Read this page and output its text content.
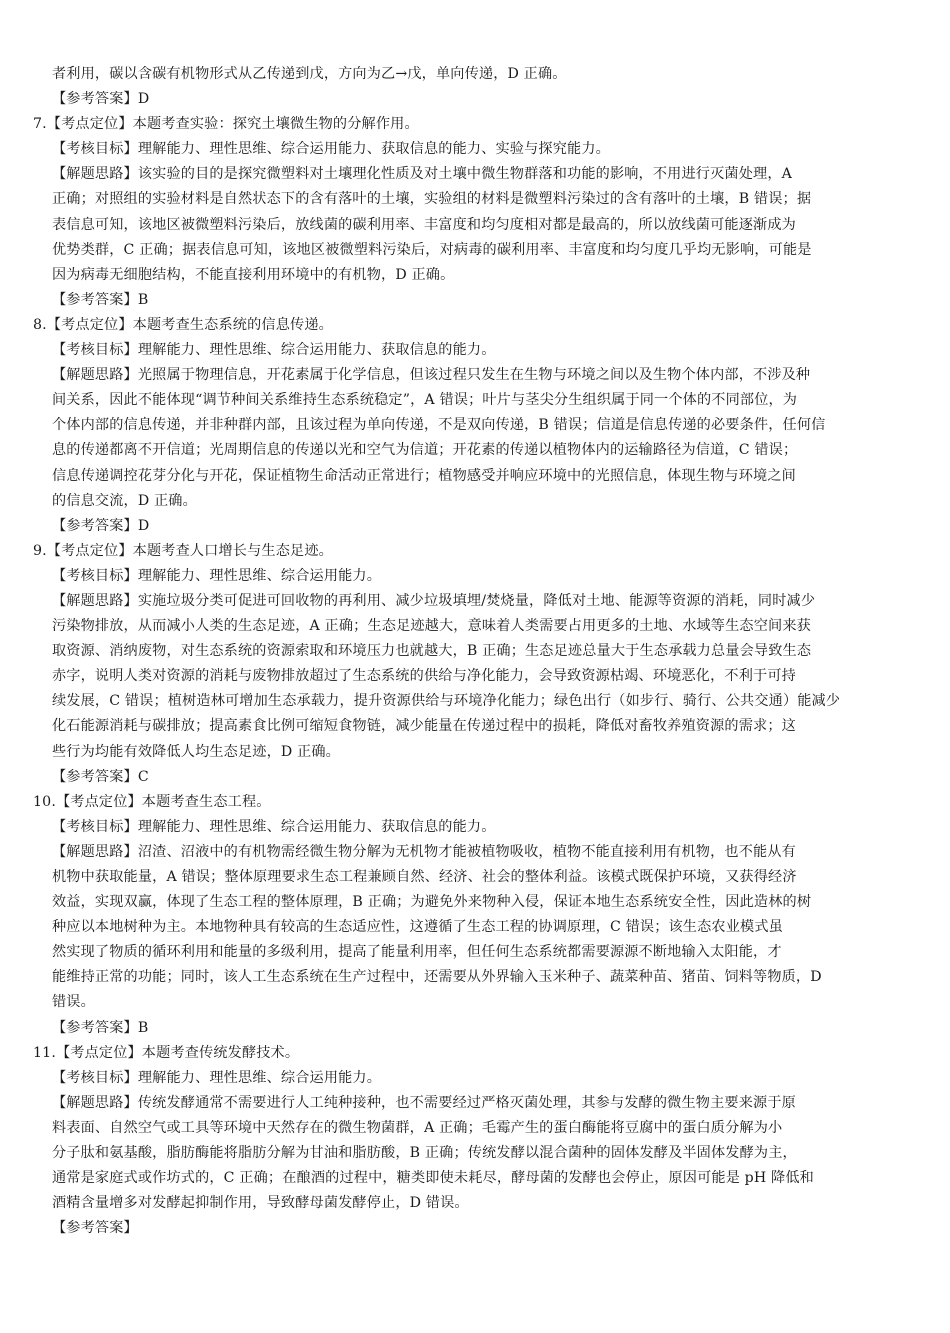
者利用，碳以含碳有机物形式从乙传递到戊，方向为乙→戊，单向传递，D 正确。
【参考答案】D
7.【考点定位】本题考查实验：探究土壤微生物的分解作用。
【考核目标】理解能力、理性思维、综合运用能力、获取信息的能力、实验与探究能力。
【解题思路】该实验的目的是探究微塑料对土壤理化性质及对土壤中微生物群落和功能的影响，不用进行灭菌处理，A
正确；对照组的实验材料是自然状态下的含有落叶的土壤，实验组的材料是微塑料污染过的含有落叶的土壤，B 错误；据
表信息可知，该地区被微塑料污染后，放线菌的碳利用率、丰富度和均匀度相对都是最高的，所以放线菌可能逐渐成为
优势类群，C 正确；据表信息可知，该地区被微塑料污染后，对病毒的碳利用率、丰富度和均匀度几乎均无影响，可能是
因为病毒无细胞结构，不能直接利用环境中的有机物，D 正确。
【参考答案】B
8.【考点定位】本题考查生态系统的信息传递。
【考核目标】理解能力、理性思维、综合运用能力、获取信息的能力。
【解题思路】光照属于物理信息，开花素属于化学信息，但该过程只发生在生物与环境之间以及生物个体内部，不涉及种
间关系，因此不能体现“调节种间关系维持生态系统稳定”，A 错误；叶片与茎尖分生组织属于同一个体的不同部位，为
个体内部的信息传递，并非种群内部，且该过程为单向传递，不是双向传递，B 错误；信道是信息传递的必要条件，任何信
息的传递都离不开信道；光周期信息的传递以光和空气为信道；开花素的传递以植物体内的运输路径为信道，C 错误；
信息传递调控花芽分化与开花，保证植物生命活动正常进行；植物感受并响应环境中的光照信息，体现生物与环境之间
的信息交流，D 正确。
【参考答案】D
9.【考点定位】本题考查人口增长与生态足迹。
【考核目标】理解能力、理性思维、综合运用能力。
【解题思路】实施垃圾分类可促进可回收物的再利用、减少垃圾填埋/焚烧量，降低对土地、能源等资源的消耗，同时减少
污染物排放，从而减小人类的生态足迹，A 正确；生态足迹越大，意味着人类需要占用更多的土地、水域等生态空间来获
取资源、消纳废物，对生态系统的资源索取和环境压力也就越大，B 正确；生态足迹总量大于生态承载力总量会导致生态
赤字，说明人类对资源的消耗与废物排放超过了生态系统的供给与净化能力，会导致资源枯竭、环境恶化，不利于可持
续发展，C 错误；植树造林可增加生态承载力，提升资源供给与环境净化能力；绿色出行（如步行、骑行、公共交通）能减少
化石能源消耗与碳排放；提高素食比例可缩短食物链，减少能量在传递过程中的损耗，降低对畜牧养殖资源的需求；这
些行为均能有效降低人均生态足迹，D 正确。
【参考答案】C
10.【考点定位】本题考查生态工程。
【考核目标】理解能力、理性思维、综合运用能力、获取信息的能力。
【解题思路】沼渣、沼液中的有机物需经微生物分解为无机物才能被植物吸收，植物不能直接利用有机物，也不能从有
机物中获取能量，A 错误；整体原理要求生态工程兼顾自然、经济、社会的整体利益。该模式既保护环境，又获得经济
效益，实现双赢，体现了生态工程的整体原理，B 正确；为避免外来物种入侵，保证本地生态系统安全性，因此造林的树
种应以本地树种为主。本地物种具有较高的生态适应性，这遵循了生态工程的协调原理，C 错误；该生态农业模式虽
然实现了物质的循环利用和能量的多级利用，提高了能量利用率，但任何生态系统都需要源源不断地输入太阳能，才
能维持正常的功能；同时，该人工生态系统在生产过程中，还需要从外界输入玉米种子、蔬菜种苗、猪苗、饲料等物质，D
错误。
【参考答案】B
11.【考点定位】本题考查传统发酵技术。
【考核目标】理解能力、理性思维、综合运用能力。
【解题思路】传统发酵通常不需要进行人工纯种接种，也不需要经过严格灭菌处理，其参与发酵的微生物主要来源于原
料表面、自然空气或工具等环境中天然存在的微生物菌群，A 正确；毛霉产生的蛋白酶能将豆腐中的蛋白质分解为小
分子肽和氨基酸，脂肪酶能将脂肪分解为甘油和脂肪酸，B 正确；传统发酵以混合菌种的固体发酵及半固体发酵为主，
通常是家庭式或作坊式的，C 正确；在酿酒的过程中，糖类即使未耗尽，酵母菌的发酵也会停止，原因可能是 pH 降低和
酒精含量增多对发酵起抑制作用，导致酵母菌发酵停止，D 错误。
【参考答案】
